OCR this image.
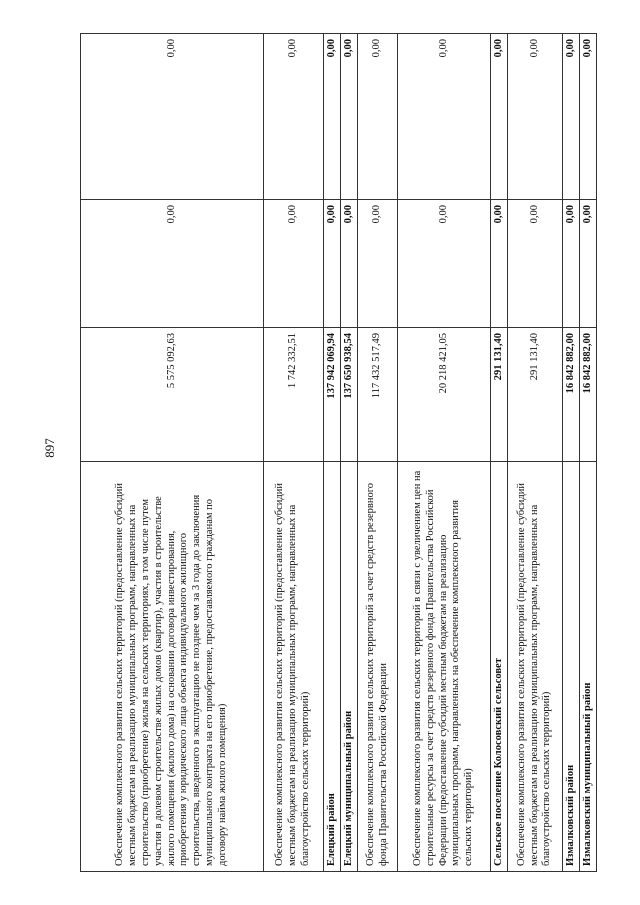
897
Обеспечение комплексного развития сельских территорий (предоставление субсидий местным бюджетам на реализацию муниципальных программ, направленных на строительство (приобретение) жилья на сельских территориях, в том числе путем участия в долевом строительстве жилых домов (квартир), участия в строительстве жилого помещения (жилого дома) на основании договора инвестирования, приобретения у юридического лица объекта индивидуального жилищного строительства, введенного в эксплуатацию не позднее чем за 3 года до заключения муниципального контракта на его приобретение, предоставляемого гражданам по договору найма жилого помещения)	5 575 092,63	0,00	0,00
Обеспечение комплексного развития сельских территорий (предоставление субсидий местным бюджетам на реализацию муниципальных программ, направленных на благоустройство сельских территорий)	1 742 332,51	0,00	0,00
Елецкий район	137 942 069,94	0,00	0,00
Елецкий муниципальный район	137 650 938,54	0,00	0,00
Обеспечение комплексного развития сельских территорий за счет средств резервного фонда Правительства Российской Федерации	117 432 517,49	0,00	0,00
Обеспечение комплексного развития сельских территорий в связи с увеличением цен на строительные ресурсы за счет средств резервного фонда Правительства Российской Федерации (предоставление субсидий местным бюджетам на реализацию муниципальных программ, направленных на обеспечение комплексного развития сельских территорий)	20 218 421,05	0,00	0,00
Сельское поселение Колосовский сельсовет	291 131,40	0,00	0,00
Обеспечение комплексного развития сельских территорий (предоставление субсидий местным бюджетам на реализацию муниципальных программ, направленных на благоустройство сельских территорий)	291 131,40	0,00	0,00
Измалковский район	16 842 882,00	0,00	0,00
Измалковский муниципальный район	16 842 882,00	0,00	0,00
